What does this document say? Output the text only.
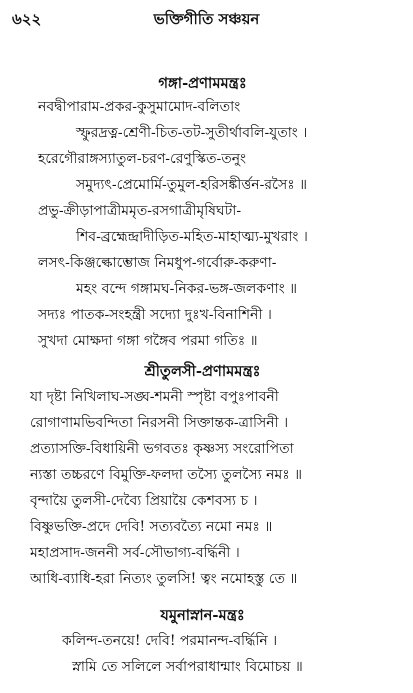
৬২২	ভক্তিগীতি সঞ্চয়ন
গঙ্গা-প্রণামমন্ত্রঃ
নবদ্বীপারাম-প্রকর-কুসুমামোদ-বলিতাং
স্ফুরদ্রত্ন-শ্রেণী-চিত-তট-সুতীর্থাবলি-যুতাং ।
হরেগৌরাঙ্গস্যাতুল-চরণ-রেণুস্কিত-তনুং
সমুদ্যৎ-প্রেমোর্মি-তুমুল-হরিসঙ্কীর্ত্তন-রসৈঃ ॥
প্রভু-ক্রীড়াপাত্রীমমৃত-রসগাত্রীমৃষিঘটা-
শিব-ব্রহ্মেন্দ্রাদীড়িত-মহিত-মাহাত্ম্য-মুখরাং ।
লসৎ-কিঞ্জল্কোম্ভোজ নিমধুপ-গর্বোরু-করুণা-
মহং বন্দে গঙ্গামঘ-নিকর-ভঙ্গ-জলকণাং ॥
সদ্যঃ পাতক-সংহন্ত্রী সদ্যো দুঃখ-বিনাশিনী ।
সুখদা মোক্ষদা গঙ্গা গঙ্গৈব পরমা গতিঃ ॥
শ্রীতুলসী-প্রণামমন্ত্রঃ
যা দৃষ্টা নিখিলাঘ-সঙ্ঘ-শমনী স্পৃষ্টা বপুঃপাবনী
রোগাণামভিবন্দিতা নিরসনী সিক্তান্তক-ত্রাসিনী ।
প্রত্যাসক্তি-বিধায়িনী ভগবতঃ কৃষ্ণস্য সংরোপিতা
ন্যস্তা তচ্চরণে বিমুক্তি-ফলদা তস্যৈ তুলস্যৈ নমঃ ॥
বৃন্দায়ৈ তুলসী-দেব্যৈ প্রিয়ায়ৈ কেশবস্য চ ।
বিষ্ণুভক্তি-প্রদে দেবি! সত্যবত্যৈ নমো নমঃ ॥
মহাপ্রসাদ-জননী সর্ব-সৌভাগ্য-বর্দ্ধিনী ।
আধি-ব্যাধি-হরা নিত্যং তুলসি! ত্বং নমোহস্তু তে ॥
যমুনাস্নান-মন্ত্রঃ
কলিন্দ-তনয়ে! দেবি! পরমানন্দ-বর্দ্ধিনি ।
স্নামি তে সলিলে সর্বাপরাধান্মাং বিমোচয় ॥
